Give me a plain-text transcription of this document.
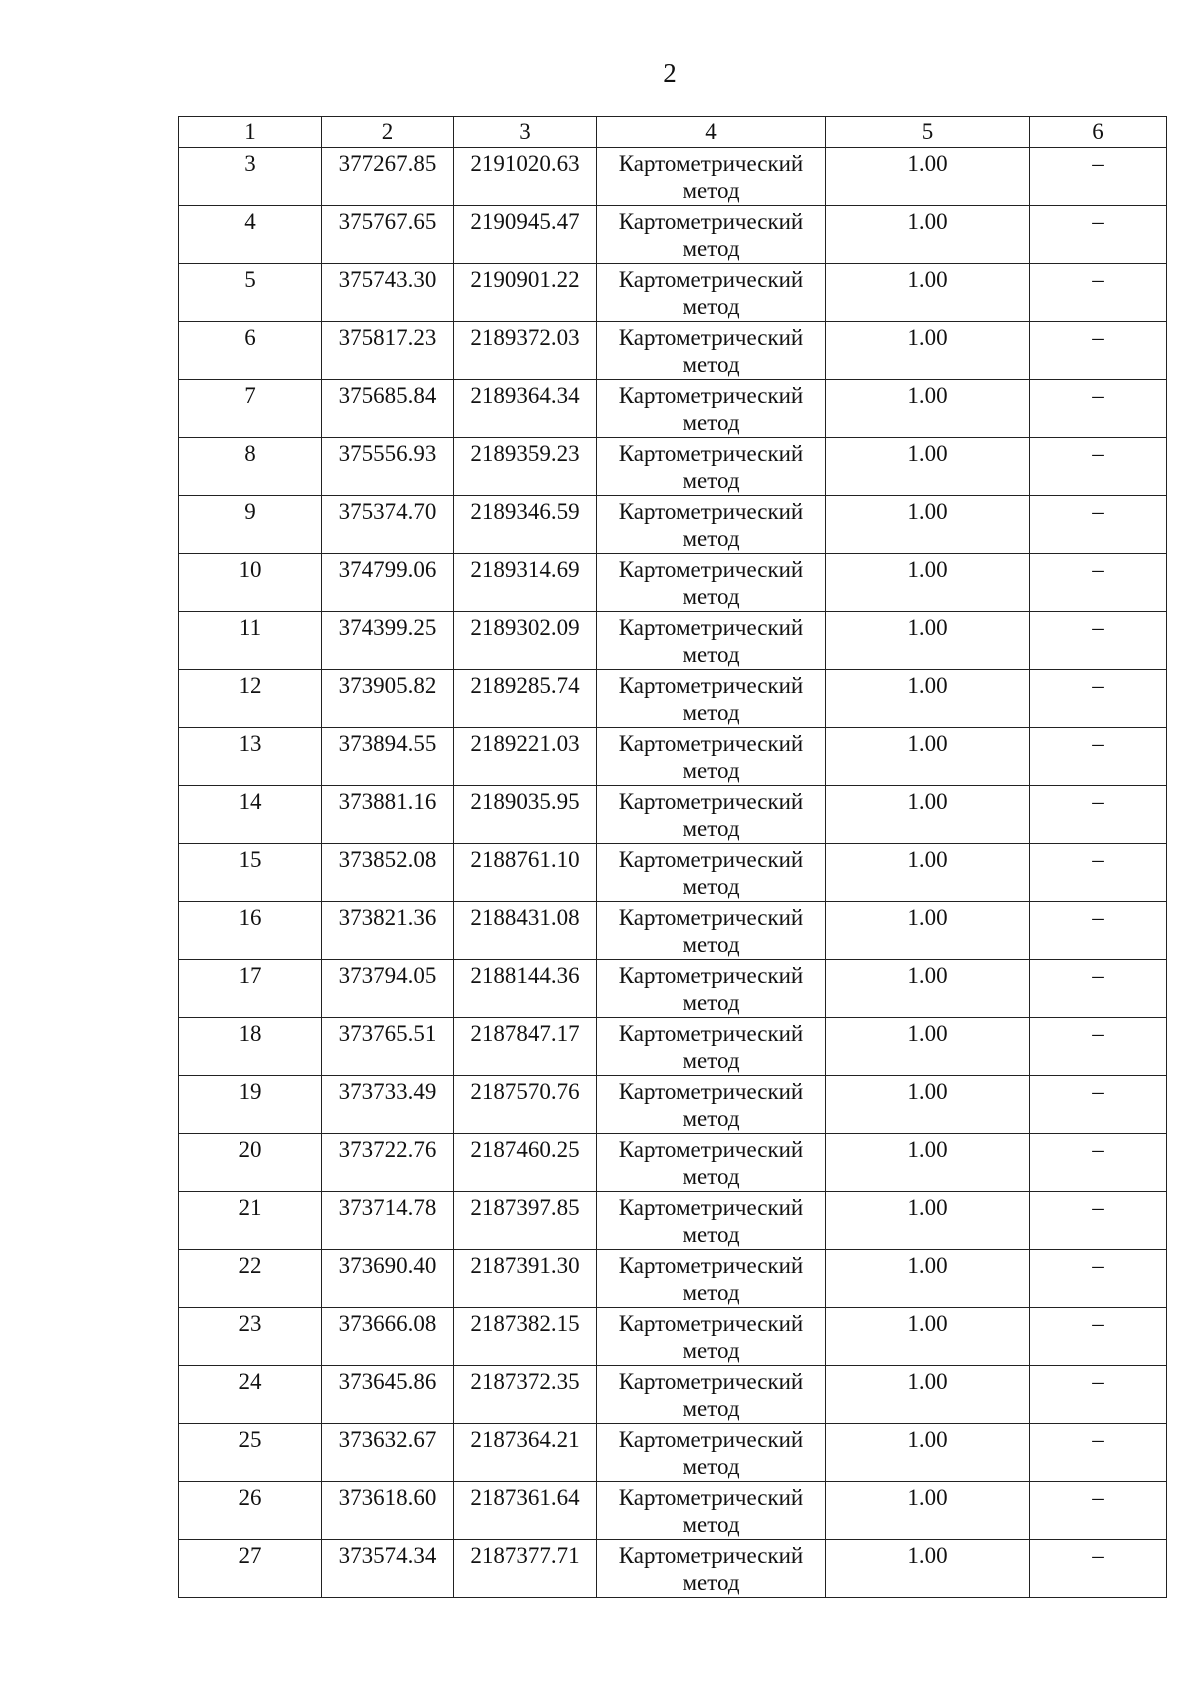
2
1	2	3	4	5	6
3	377267.85	2191020.63	Картометрический
метод	1.00	–
4	375767.65	2190945.47	Картометрический
метод	1.00	–
5	375743.30	2190901.22	Картометрический
метод	1.00	–
6	375817.23	2189372.03	Картометрический
метод	1.00	–
7	375685.84	2189364.34	Картометрический
метод	1.00	–
8	375556.93	2189359.23	Картометрический
метод	1.00	–
9	375374.70	2189346.59	Картометрический
метод	1.00	–
10	374799.06	2189314.69	Картометрический
метод	1.00	–
11	374399.25	2189302.09	Картометрический
метод	1.00	–
12	373905.82	2189285.74	Картометрический
метод	1.00	–
13	373894.55	2189221.03	Картометрический
метод	1.00	–
14	373881.16	2189035.95	Картометрический
метод	1.00	–
15	373852.08	2188761.10	Картометрический
метод	1.00	–
16	373821.36	2188431.08	Картометрический
метод	1.00	–
17	373794.05	2188144.36	Картометрический
метод	1.00	–
18	373765.51	2187847.17	Картометрический
метод	1.00	–
19	373733.49	2187570.76	Картометрический
метод	1.00	–
20	373722.76	2187460.25	Картометрический
метод	1.00	–
21	373714.78	2187397.85	Картометрический
метод	1.00	–
22	373690.40	2187391.30	Картометрический
метод	1.00	–
23	373666.08	2187382.15	Картометрический
метод	1.00	–
24	373645.86	2187372.35	Картометрический
метод	1.00	–
25	373632.67	2187364.21	Картометрический
метод	1.00	–
26	373618.60	2187361.64	Картометрический
метод	1.00	–
27	373574.34	2187377.71	Картометрический
метод	1.00	–
